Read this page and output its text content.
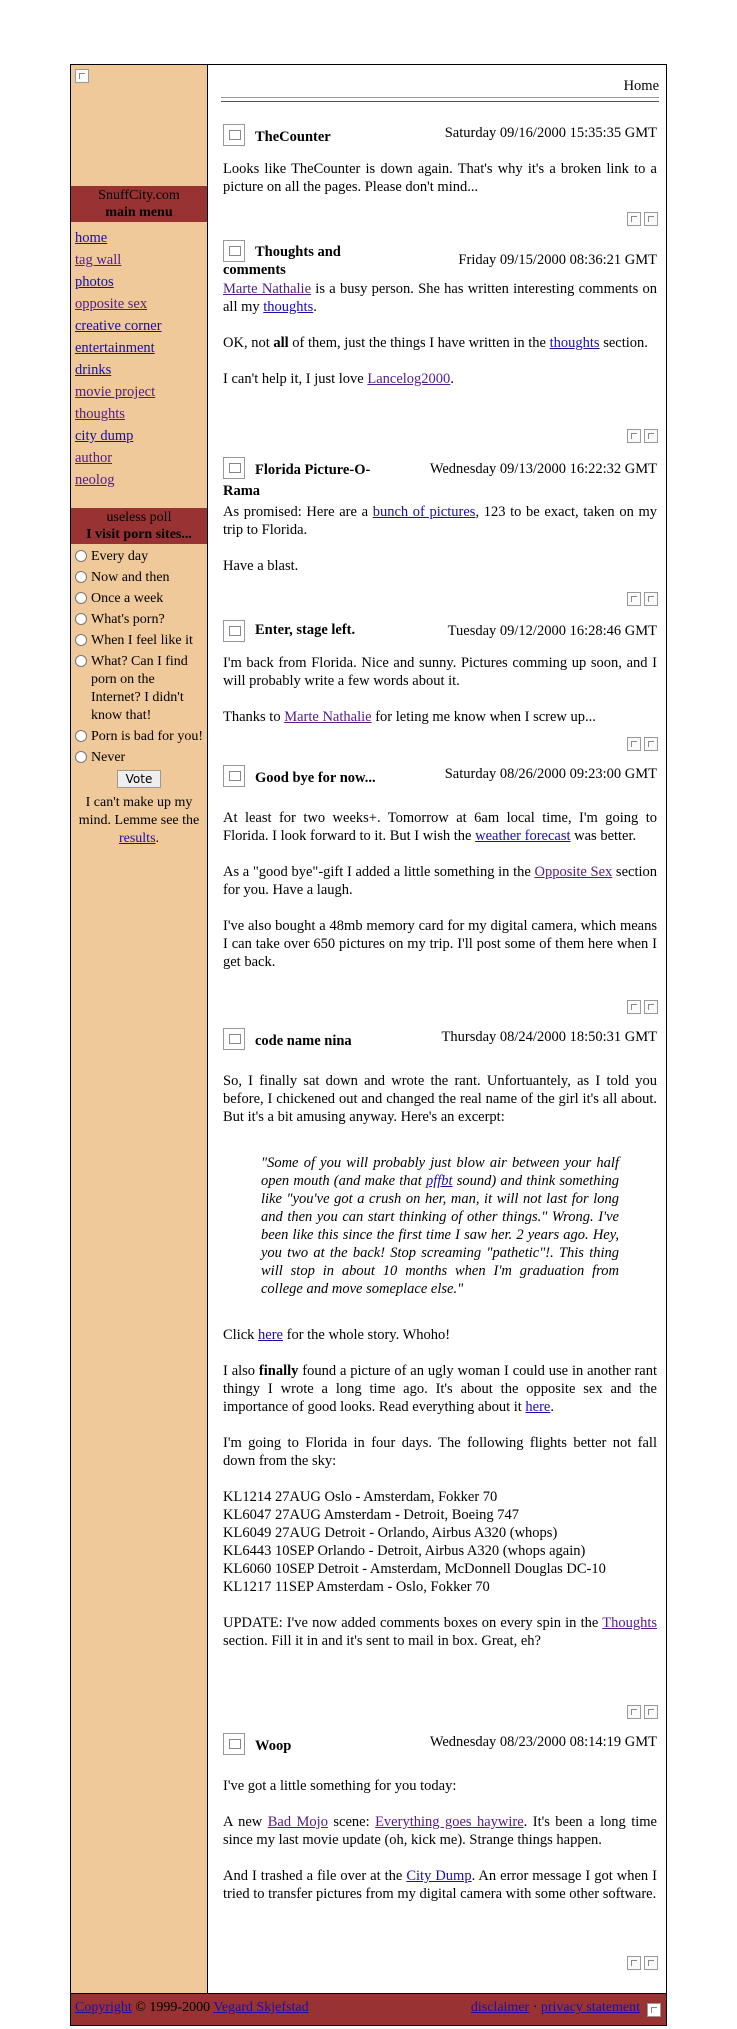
SnuffCity.com
main menu
home
tag wall
photos
opposite sex
creative corner
entertainment
drinks
movie project
thoughts
city dump
author
neolog
useless poll
I visit porn sites...
Every day
Now and then
Once a week
What's porn?
When I feel like it
What? Can I find porn on the Internet? I didn't know that!
Porn is bad for you!
Never
Vote
I can't make up my mind. Lemme see the results.
Home
TheCounter	Saturday 09/16/2000 15:35:35 GMT

Looks like TheCounter is down again. That's why it's a broken link to a picture on all the pages. Please don't mind...

Thoughts and comments
Friday 09/15/2000 08:36:21 GMT

Marte Nathalie is a busy person. She has written interesting comments on all my thoughts.

OK, not all of them, just the things I have written in the thoughts section.

I can't help it, I just love Lancelog2000.

Florida Picture-O-Rama
Wednesday 09/13/2000 16:22:32 GMT

As promised: Here are a bunch of pictures, 123 to be exact, taken on my trip to Florida.

Have a blast.

Enter, stage left.	Tuesday 09/12/2000 16:28:46 GMT

I'm back from Florida. Nice and sunny. Pictures comming up soon, and I will probably write a few words about it.

Thanks to Marte Nathalie for leting me know when I screw up...

Good bye for now...	Saturday 08/26/2000 09:23:00 GMT

At least for two weeks+. Tomorrow at 6am local time, I'm going to Florida. I look forward to it. But I wish the weather forecast was better.

As a "good bye"-gift I added a little something in the Opposite Sex section for you. Have a laugh.

I've also bought a 48mb memory card for my digital camera, which means I can take over 650 pictures on my trip. I'll post some of them here when I get back.

code name nina	Thursday 08/24/2000 18:50:31 GMT

So, I finally sat down and wrote the rant. Unfortuantely, as I told you before, I chickened out and changed the real name of the girl it's all about. But it's a bit amusing anyway. Here's an excerpt:

"Some of you will probably just blow air between your half open mouth (and make that pffbt sound) and think something like "you've got a crush on her, man, it will not last for long and then you can start thinking of other things." Wrong. I've been like this since the first time I saw her. 2 years ago. Hey, you two at the back! Stop screaming "pathetic"!. This thing will stop in about 10 months when I'm graduation from college and move someplace else."

Click here for the whole story. Whoho!

I also finally found a picture of an ugly woman I could use in another rant thingy I wrote a long time ago. It's about the opposite sex and the importance of good looks. Read everything about it here.

I'm going to Florida in four days. The following flights better not fall down from the sky:

KL1214 27AUG Oslo - Amsterdam, Fokker 70
KL6047 27AUG Amsterdam - Detroit, Boeing 747
KL6049 27AUG Detroit - Orlando, Airbus A320 (whops)
KL6443 10SEP Orlando - Detroit, Airbus A320 (whops again)
KL6060 10SEP Detroit - Amsterdam, McDonnell Douglas DC-10
KL1217 11SEP Amsterdam - Oslo, Fokker 70

UPDATE: I've now added comments boxes on every spin in the Thoughts section. Fill it in and it's sent to mail in box. Great, eh?

Woop	Wednesday 08/23/2000 08:14:19 GMT

I've got a little something for you today:

A new Bad Mojo scene: Everything goes haywire. It's been a long time since my last movie update (oh, kick me). Strange things happen.

And I trashed a file over at the City Dump. An error message I got when I tried to transfer pictures from my digital camera with some other software.

Copyright © 1999-2000 Vegard Skjefstad	disclaimer · privacy statement
